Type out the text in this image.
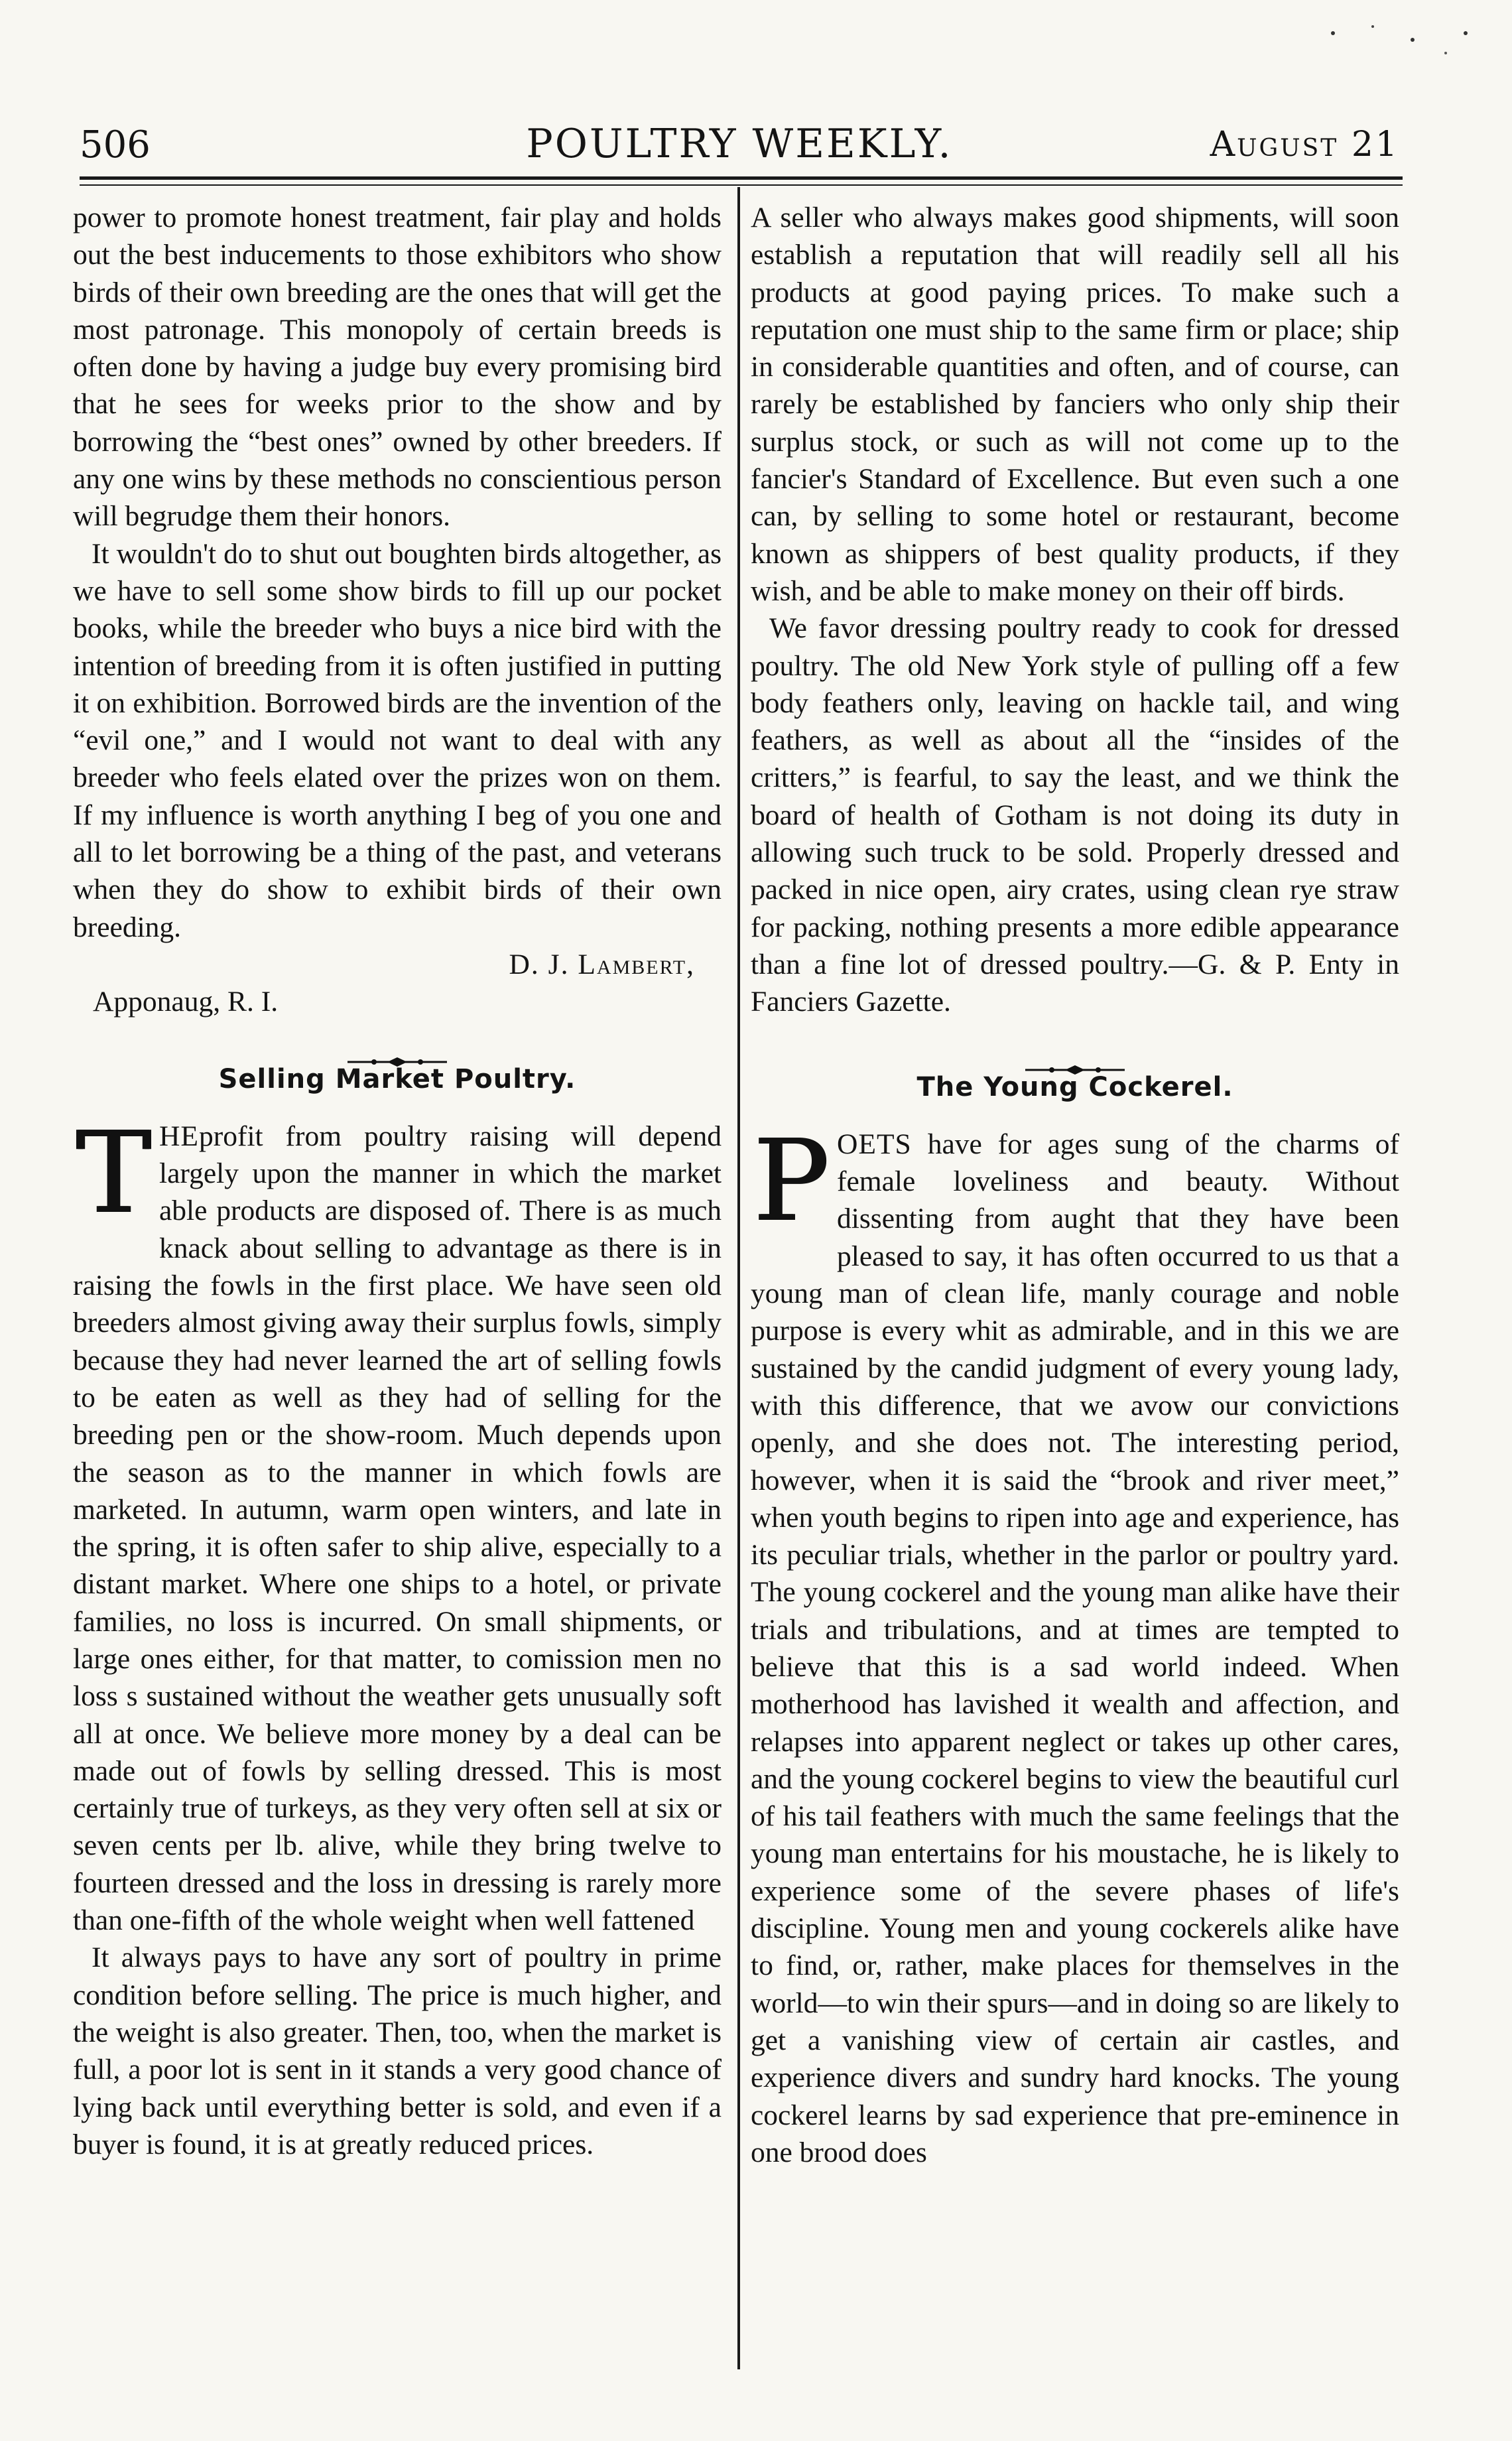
506	POULTRY WEEKLY.	August 21

power to promote honest treatment, fair play and holds out the best inducements to those exhibitors who show birds of their own breeding are the ones that will get the most patronage. This monopoly of certain breeds is often done by having a judge buy every promising bird that he sees for weeks prior to the show and by borrowing the “best ones” owned by other breeders. If any one wins by these methods no conscientious person will begrudge them their honors.

It wouldn't do to shut out boughten birds altogether, as we have to sell some show birds to fill up our pocket books, while the breeder who buys a nice bird with the intention of breeding from it is often justified in putting it on exhibition. Borrowed birds are the invention of the “evil one,” and I would not want to deal with any breeder who feels elated over the prizes won on them. If my influence is worth anything I beg of you one and all to let borrowing be a thing of the past, and veterans when they do show to exhibit birds of their own breeding.

D. J. Lambert,

Apponaug, R. I.

Selling Market Poultry.
T HEprofit from poultry raising will depend largely upon the manner in which the market able products are disposed of. There is as much knack about selling to advantage as there is in raising the fowls in the first place. We have seen old breeders almost giving away their surplus fowls, simply because they had never learned the art of selling fowls to be eaten as well as they had of selling for the breeding pen or the show-room. Much depends upon the season as to the manner in which fowls are marketed. In autumn, warm open winters, and late in the spring, it is often safer to ship alive, especially to a distant market. Where one ships to a hotel, or private families, no loss is incurred. On small shipments, or large ones either, for that matter, to comission men no loss s sustained without the weather gets unusually soft all at once. We believe more money by a deal can be made out of fowls by selling dressed. This is most certainly true of turkeys, as they very often sell at six or seven cents per lb. alive, while they bring twelve to fourteen dressed and the loss in dressing is rarely more than one-fifth of the whole weight when well fattened

It always pays to have any sort of poultry in prime condition before selling. The price is much higher, and the weight is also greater. Then, too, when the market is full, a poor lot is sent in it stands a very good chance of lying back until everything better is sold, and even if a buyer is found, it is at greatly reduced prices.

A seller who always makes good shipments, will soon establish a reputation that will readily sell all his products at good paying prices. To make such a reputation one must ship to the same firm or place; ship in considerable quantities and often, and of course, can rarely be established by fanciers who only ship their surplus stock, or such as will not come up to the fancier's Standard of Excellence. But even such a one can, by selling to some hotel or restaurant, become known as shippers of best quality products, if they wish, and be able to make money on their off birds.

We favor dressing poultry ready to cook for dressed poultry. The old New York style of pulling off a few body feathers only, leaving on hackle tail, and wing feathers, as well as about all the “insides of the critters,” is fearful, to say the least, and we think the board of health of Gotham is not doing its duty in allowing such truck to be sold. Properly dressed and packed in nice open, airy crates, using clean rye straw for packing, nothing presents a more edible appearance than a fine lot of dressed poultry.—G. & P. Enty in Fanciers Gazette.

The Young Cockerel.
P OETS have for ages sung of the charms of female loveliness and beauty. Without dissenting from aught that they have been pleased to say, it has often occurred to us that a young man of clean life, manly courage and noble purpose is every whit as admirable, and in this we are sustained by the candid judgment of every young lady, with this difference, that we avow our convictions openly, and she does not. The interesting period, however, when it is said the “brook and river meet,” when youth begins to ripen into age and experience, has its peculiar trials, whether in the parlor or poultry yard. The young cockerel and the young man alike have their trials and tribulations, and at times are tempted to believe that this is a sad world indeed. When motherhood has lavished it wealth and affection, and relapses into apparent neglect or takes up other cares, and the young cockerel begins to view the beautiful curl of his tail feathers with much the same feelings that the young man entertains for his moustache, he is likely to experience some of the severe phases of life's discipline. Young men and young cockerels alike have to find, or, rather, make places for themselves in the world—to win their spurs—and in doing so are likely to get a vanishing view of certain air castles, and experience divers and sundry hard knocks. The young cockerel learns by sad experience that pre-eminence in one brood does
